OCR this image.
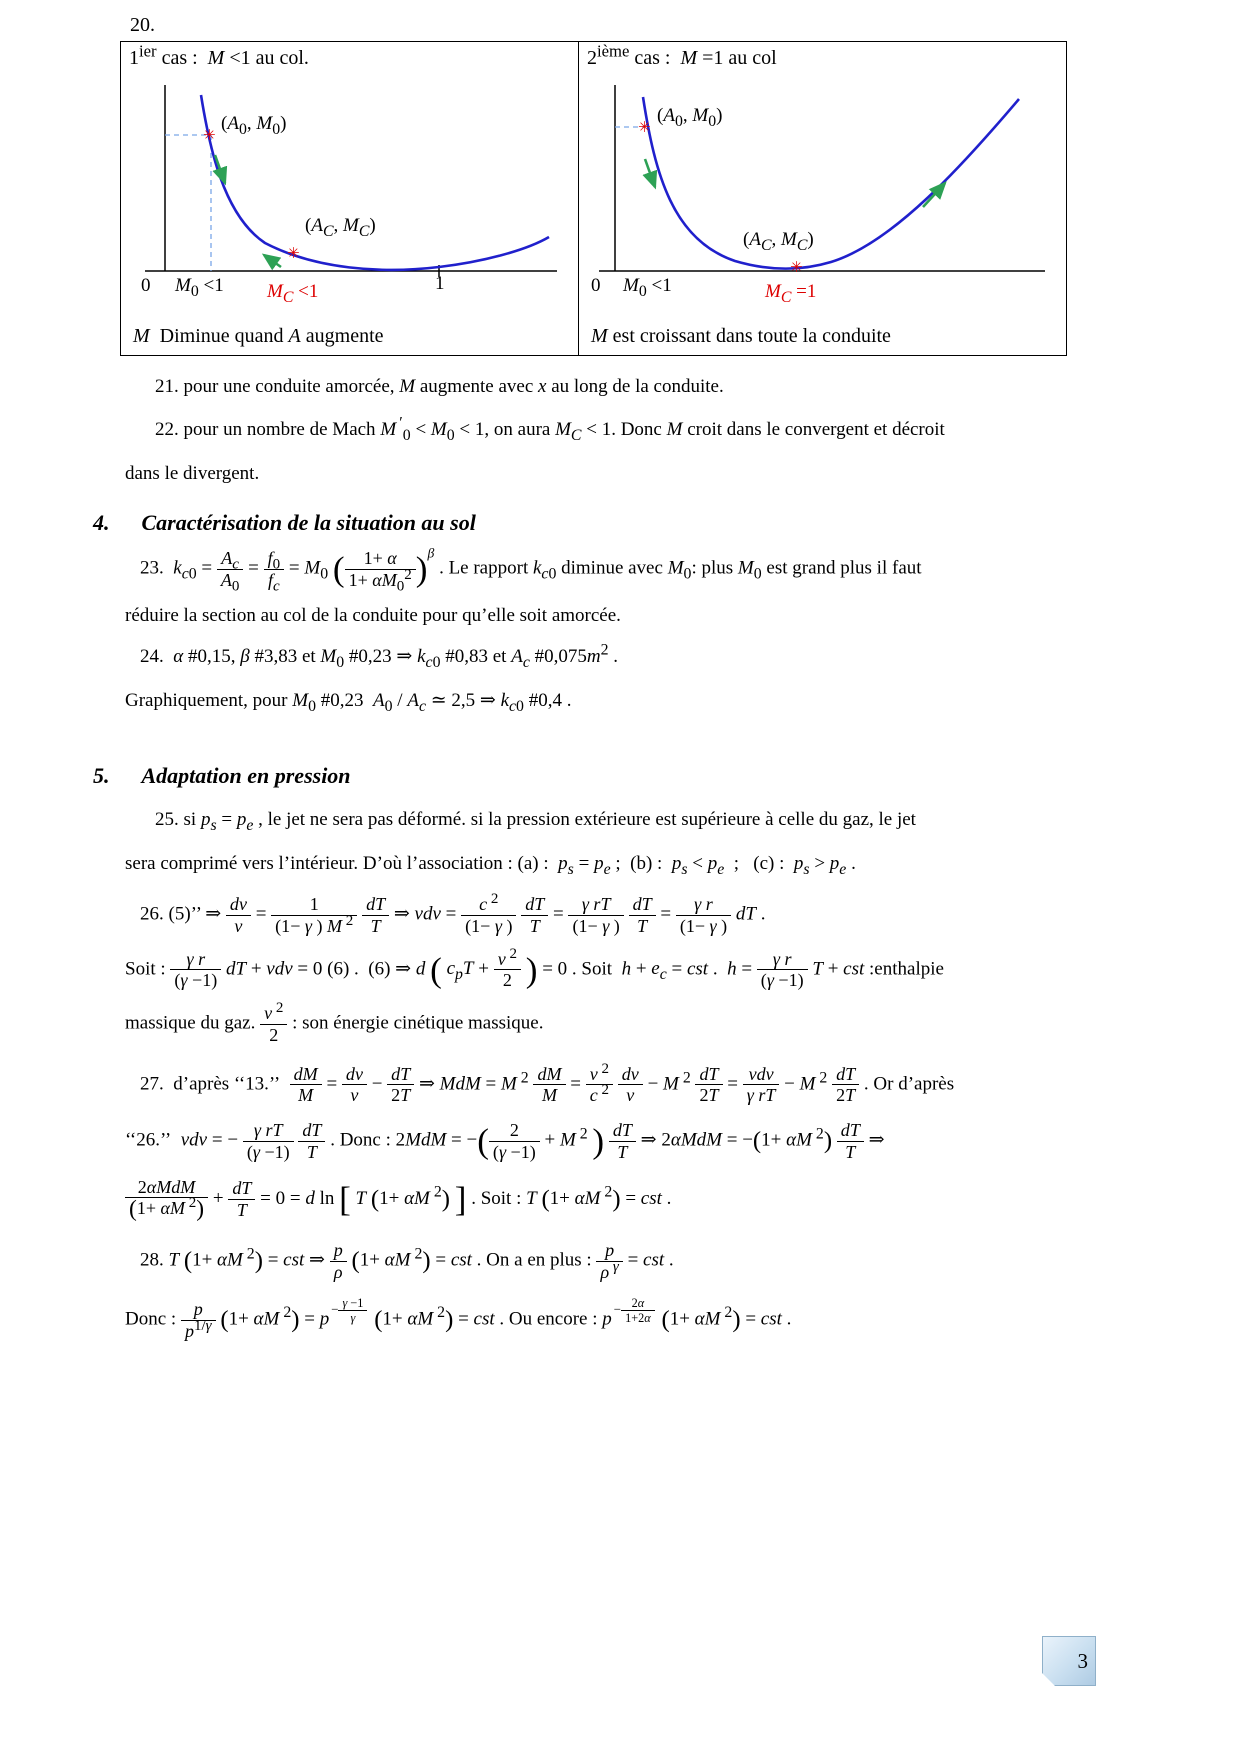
20.
$1^{ier}$ cas :  M <1 au col.
✳
✳
($A_0$, $M_0$)
($A_C$, $M_C$)
0 $M_0 <1$ $M_C <1$	1
M  Diminue quand A augmente
2ième cas :  M =1 au col
✳
✳
($A_0$, $M_0$)
($A_C$, $M_C$)
0 $M_0 <1$	$M_C =1$
M est croissant dans toute la conduite
21. pour une conduite amorcée, M augmente avec x au long de la conduite.
22. pour un nombre de Mach M $'_0 < M_0 < 1$, on aura $M_C < 1$. Donc M croit dans le convergent et décroit
dans le divergent.
4. Caractérisation de la situation au sol
23.  $k_{c0} = \frac{A_c}{A_0} = \frac{f_0}{f_c} = M_0$ ( $\frac{1+ \alpha}{1+ \alpha M_0^2} )^\beta$ . Le rapport $k_{c0}$ diminue avec $M_0$: plus $M_0$ est grand plus il faut
réduire la section au col de la conduite pour qu’elle soit amorcée.
24.  α #0,15, β #3,83 et $M_0$ #0,23 ⇒ $k_{c0}$ #0,83 et $A_c$ $\#0,075m^2$ .
Graphiquement, pour $M_0$ #0,23  $A_0 / A_c$ ≃ 2,5 ⇒ $k_{c0}$ #0,4 .
5. Adaptation en pression
25. si $p_s = p_e$ , le jet ne sera pas déformé. si la pression extérieure est supérieure à celle du gaz, le jet
sera comprimé vers l’intérieur. D’où l’association : (a) :  $p_s = p_e$ ;  (b) :  $p_s < p_e$  ;   (c) :  $p_s > p_e$ .
26. (5)’’ ⇒ $\frac{dv}{v} = \frac{1}{(1- \gamma ) M ^2}$
$\frac{dT}{T}$ ⇒ vdv = $\frac{c ^2}{(1- \gamma )}$
$\frac{dT}{T} = \frac{\text{γ rT}}{(1- \gamma )}$
$\frac{dT}{T} = \frac{\text{γ r}}{(1- \gamma )}$ dT .
Soit : $\frac{\text{γ r}}{(\gamma -1)}$ dT + vdv = 0 (6) .  (6) ⇒ d ( $c_pT + \frac{v ^2}{2}$ ) = 0 . Soit  $h + e_c$ = cst .  $h = \frac{\text{γ r}}{(\gamma -1)}$ T + cst :enthalpie
massique du gaz. $\frac{v ^2}{2}$ : son énergie cinétique massique.
27.  d’après ‘‘13.’’ $\frac{dM}{M} = \frac{dv}{v} - \frac{dT}{2T}$ ⇒ MdM = M $^2 \frac{dM}{M} = \frac{v ^2}{c ^2}$
$\frac{dv}{v} - M$ $^2 \frac{dT}{2T}$ = vdv
γ rT
− M $^2 \frac{dT}{2T}$ . Or d’après
‘‘26.’’  vdv = − $\frac{\text{γ rT}}{(\gamma -1)}$
$\frac{dT}{T}$ . Donc : 2MdM = −( $\frac{2}{(\gamma -1)} + M$ $^2$ ) $\frac{dT}{T}$ ⇒ 2αMdM = −(1+ αM $^2) \frac{dT}{T}$ ⇒
2αMdM
(1+ αM $^2) + \frac{dT}{T} = 0 = d$ ln [ T (1+ αM $^2$) ] . Soit : T (1+ αM $^2$) = cst .
28. T (1+ αM $^2$) = cst ⇒ $\frac{p}{\rho} (1+ \alpha M$ $^2$) = cst . On a en plus : $\frac{p}{\rho ^\gamma}$ = cst .
Donc : $\frac{p}{p^{1/\gamma}} (1+ \alpha M$ $^2) = p - \frac{\gamma -1}{\gamma} (1+ \alpha M$ $^2$) = cst . Ou encore : $p - \frac{2\alpha}{1+2\alpha} (1+ \alpha M$ $^2$) = cst .
3
